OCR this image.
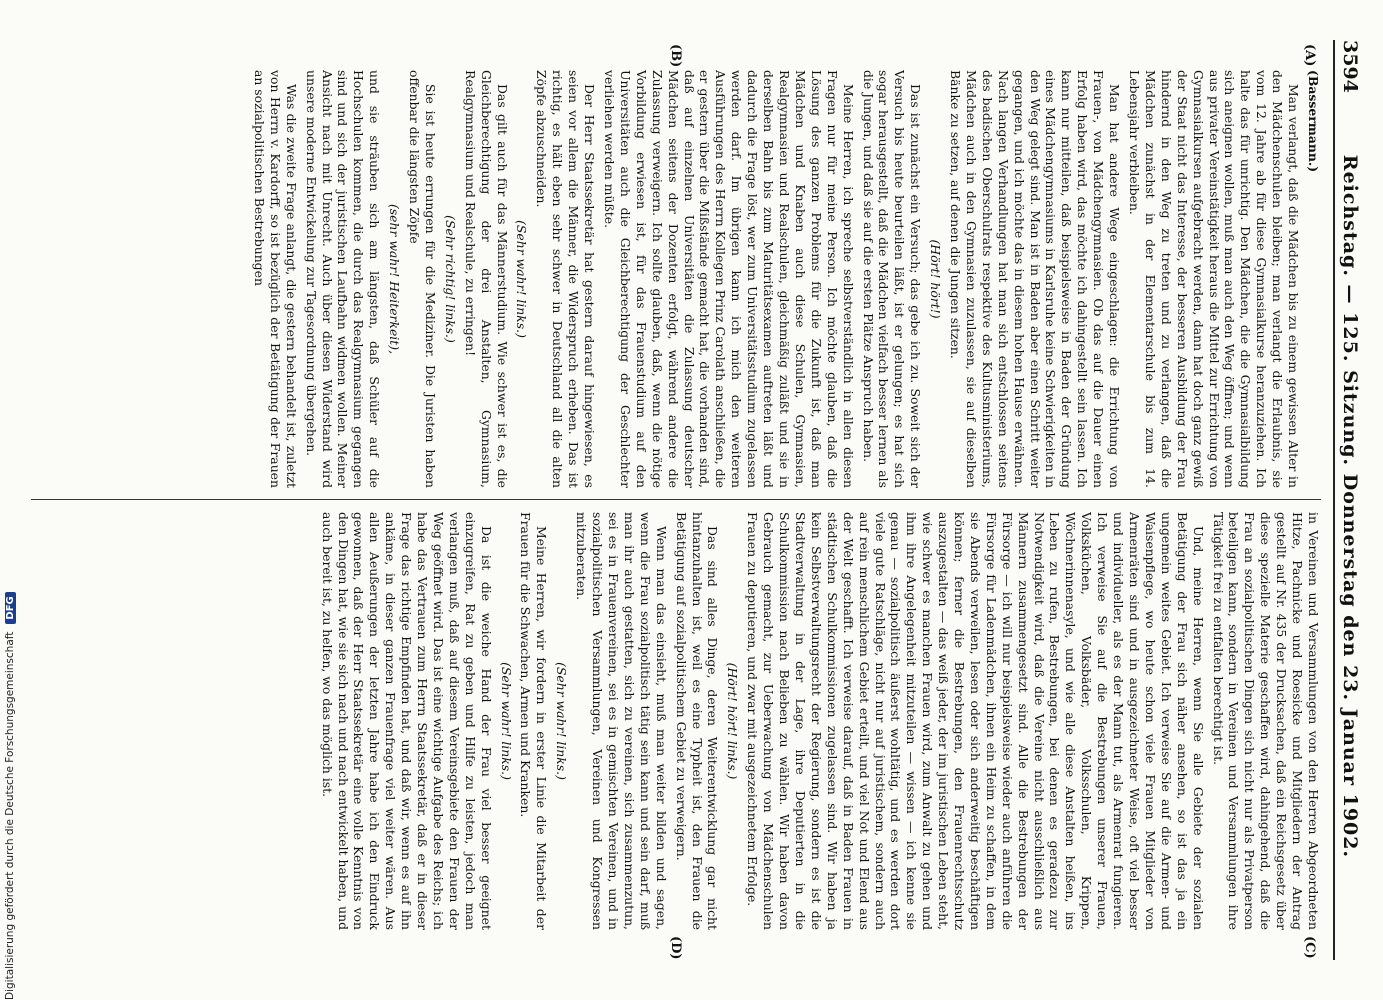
3594
Reichstag. — 125. Sitzung. Donnerstag den 23. Januar 1902.
(A)
(B)
(C)
(D)

(Bassermann.)

Man verlangt, daß die Mädchen bis zu einem gewissen Alter in den Mädchenschulen bleiben; man verlangt die Erlaubnis, sie vom 12. Jahre ab für diese Gymnasialkurse heranzuziehen. Ich halte das für unrichtig. Den Mädchen, die die Gymnasialbildung sich aneignen wollen, muß man auch den Weg öffnen; und wenn aus privater Vereinstätigkeit heraus die Mittel zur Errichtung von Gymnasialkursen aufgebracht werden, dann hat doch ganz gewiß der Staat nicht das Interesse, der besseren Ausbildung der Frau hindernd in den Weg zu treten und zu verlangen, daß die Mädchen zunächst in der Elementarschule bis zum 14. Lebensjahr verbleiben.

Man hat andere Wege eingeschlagen: die Errichtung von Frauen-, von Mädchengymnasien. Ob das auf die Dauer einen Erfolg haben wird, das möchte ich dahingestellt sein lassen. Ich kann nur mitteilen, daß beispielsweise in Baden der Gründung eines Mädchengymnasiums in Karlsruhe keine Schwierigkeiten in den Weg gelegt sind. Man ist in Baden aber einen Schritt weiter gegangen, und ich möchte das in diesem hohen Hause erwähnen. Nach langen Verhandlungen hat man sich entschlossen seitens des badischen Oberschulrats respektive des Kultusministeriums, Mädchen auch in den Gymnasien zuzulassen, sie auf dieselben Bänke zu setzen, auf denen die Jungen sitzen.

(Hört! hört!)

Das ist zunächst ein Versuch; das gebe ich zu. Soweit sich der Versuch bis heute beurteilen läßt, ist er gelungen; es hat sich sogar herausgestellt, daß die Mädchen vielfach besser lernen als die Jungen, und daß sie auf die ersten Plätze Anspruch haben.

Meine Herren, ich spreche selbstverständlich in allen diesen Fragen nur für meine Person. Ich möchte glauben, daß die Lösung des ganzen Problems für die Zukunft ist, daß man Mädchen und Knaben auch diese Schulen, Gymnasien, Realgymnasien und Realschulen, gleichmäßig zuläßt und sie in derselben Bahn bis zum Maturitätsexamen auftreten läßt und dadurch die Frage löst, wer zum Universitätsstudium zugelassen werden darf. Im übrigen kann ich mich den weiteren Ausführungen des Herrn Kollegen Prinz Carolath anschließen, die er gestern über die Mißstände gemacht hat, die vorhanden sind, daß auf einzelnen Universitäten die Zulassung deutscher Mädchen seitens der Dozenten erfolgt, während andere die Zulassung verweigern. Ich sollte glauben, daß, wenn die nötige Vorbildung erwiesen ist, für das Frauenstudium auf den Universitäten auch die Gleichberechtigung der Geschlechter verliehen werden müßte.

Der Herr Staatssekretär hat gestern darauf hingewiesen, es seien vor allem die Männer, die Widerspruch erheben. Das ist richtig, es hält eben sehr schwer in Deutschland all die alten Zöpfe abzuschneiden.

(Sehr wahr! links.)

Das gilt auch für das Männerstudium. Wie schwer ist es, die Gleichberechtigung der drei Anstalten, Gymnasium, Realgymnasium und Realschule, zu erringen!

(Sehr richtig! links.)

Sie ist heute errungen für die Mediziner. Die Juristen haben offenbar die längsten Zöpfe

(sehr wahr! Heiterkeit),

und sie sträuben sich am längsten, daß Schüler auf die Hochschulen kommen, die durch das Realgymnasium gegangen sind und sich der juristischen Laufbahn widmen wollen. Meiner Ansicht nach mit Unrecht. Auch über diesen Widerstand wird unsere moderne Entwickelung zur Tagesordnung übergehen.

Was die zweite Frage anlangt, die gestern behandelt ist, zuletzt von Herrn v. Kardorff, so ist bezüglich der Betätigung der Frauen an sozialpolitischen Bestrebungen

in Vereinen und Versammlungen von den Herren Abgeordneten Hitze, Pachnicke und Roesicke und Mitgliedern der Antrag gestellt auf Nr. 435 der Drucksachen, daß ein Reichsgesetz über diese spezielle Materie geschaffen wird, dahingehend, daß die Frau an sozialpolitischen Dingen sich nicht nur als Privatperson beteiligen kann, sondern in Vereinen und Versammlungen ihre Tätigkeit frei zu entfalten berechtigt ist.

Und, meine Herren, wenn Sie alle Gebiete der sozialen Betätigung der Frau sich näher ansehen, so ist das ja ein ungemein weites Gebiet. Ich verweise Sie auf die Armen- und Waisenpflege, wo heute schon viele Frauen Mitglieder von Armenräten sind und in ausgezeichneter Weise, oft viel besser und individueller, als es der Mann tut, als Armenrat fungieren. Ich verweise Sie auf die Bestrebungen unserer Frauen, Volksküchen, Volksbäder, Volksschulen, Krippen, Wöchnerinnenasyle, und wie alle diese Anstalten heißen, ins Leben zu rufen, Bestrebungen, bei denen es geradezu zur Notwendigkeit wird, daß die Vereine nicht ausschließlich aus Männern zusammengesetzt sind. Alle die Bestrebungen der Fürsorge — ich will nur beispielsweise wieder auch anführen die Fürsorge für Ladenmädchen, ihnen ein Heim zu schaffen, in dem sie Abends verweilen, lesen oder sich anderweitig beschäftigen können; ferner die Bestrebungen, den Frauenrechtsschutz auszugestalten — das weiß jeder, der im juristischen Leben steht, wie schwer es manchen Frauen wird, zum Anwalt zu gehen und ihm ihre Angelegenheit mitzuteilen — wissen — ich kenne sie genau — sozialpolitisch äußerst wohltätig, und es werden dort viele gute Ratschläge, nicht nur auf juristischem, sondern auch auf rein menschlichem Gebiet erteilt, und viel Not und Elend aus der Welt geschafft. Ich verweise darauf, daß in Baden Frauen in städtischen Schulkommissionen zugelassen sind. Wir haben ja kein Selbstverwaltungsrecht der Regierung, sondern es ist die Stadtverwaltung in der Lage, ihre Deputierten in die Schulkommission nach Belieben zu wählen. Wir haben davon Gebrauch gemacht, zur Ueberwachung von Mädchenschulen Frauen zu deputieren, und zwar mit ausgezeichnetem Erfolge.

(Hört! hört! links.)

Das sind alles Dinge, deren Weiterentwicklung gar nicht hintanzuhalten ist, weil es eine Typheit ist, den Frauen die Betätigung auf sozialpolitischem Gebiet zu verweigern.

Wenn man das einsieht, muß man weiter bilden und sagen, wenn die Frau sozialpolitisch tätig sein kann und sein darf, muß man ihr auch gestatten, sich zu vereinen, sich zusammenzutun, sei es in Frauenvereinen, sei es in gemischten Vereinen, und in sozialpolitischen Versammlungen, Vereinen und Kongressen mitzuberaten.

(Sehr wahr! links.)

Meine Herren, wir fordern in erster Linie die Mitarbeit der Frauen für die Schwachen, Armen und Kranken.

(Sehr wahr! links.)

Da ist die weiche Hand der Frau viel besser geeignet einzugreifen, Rat zu geben und Hilfe zu leisten, jedoch man verlangen muß, daß auf diesem Vereinsgebiete den Frauen der Weg geöffnet wird. Das ist eine wichtige Aufgabe des Reichs; ich habe das Vertrauen zum Herrn Staatssekretär, daß er in dieser Frage das richtige Empfinden hat, und daß wir, wenn es auf ihn ankäme, in dieser ganzen Frauenfrage viel weiter wären. Aus allen Aeußerungen der letzten Jahre habe ich den Eindruck gewonnen, daß der Herr Staatssekretär eine volle Kenntnis von den Dingen hat, wie sie sich nach und nach entwickelt haben, und auch bereit ist, zu helfen, wo das möglich ist.

Digitalisierung gefördert durch die Deutsche Forschungsgemeinschaft
DFG
